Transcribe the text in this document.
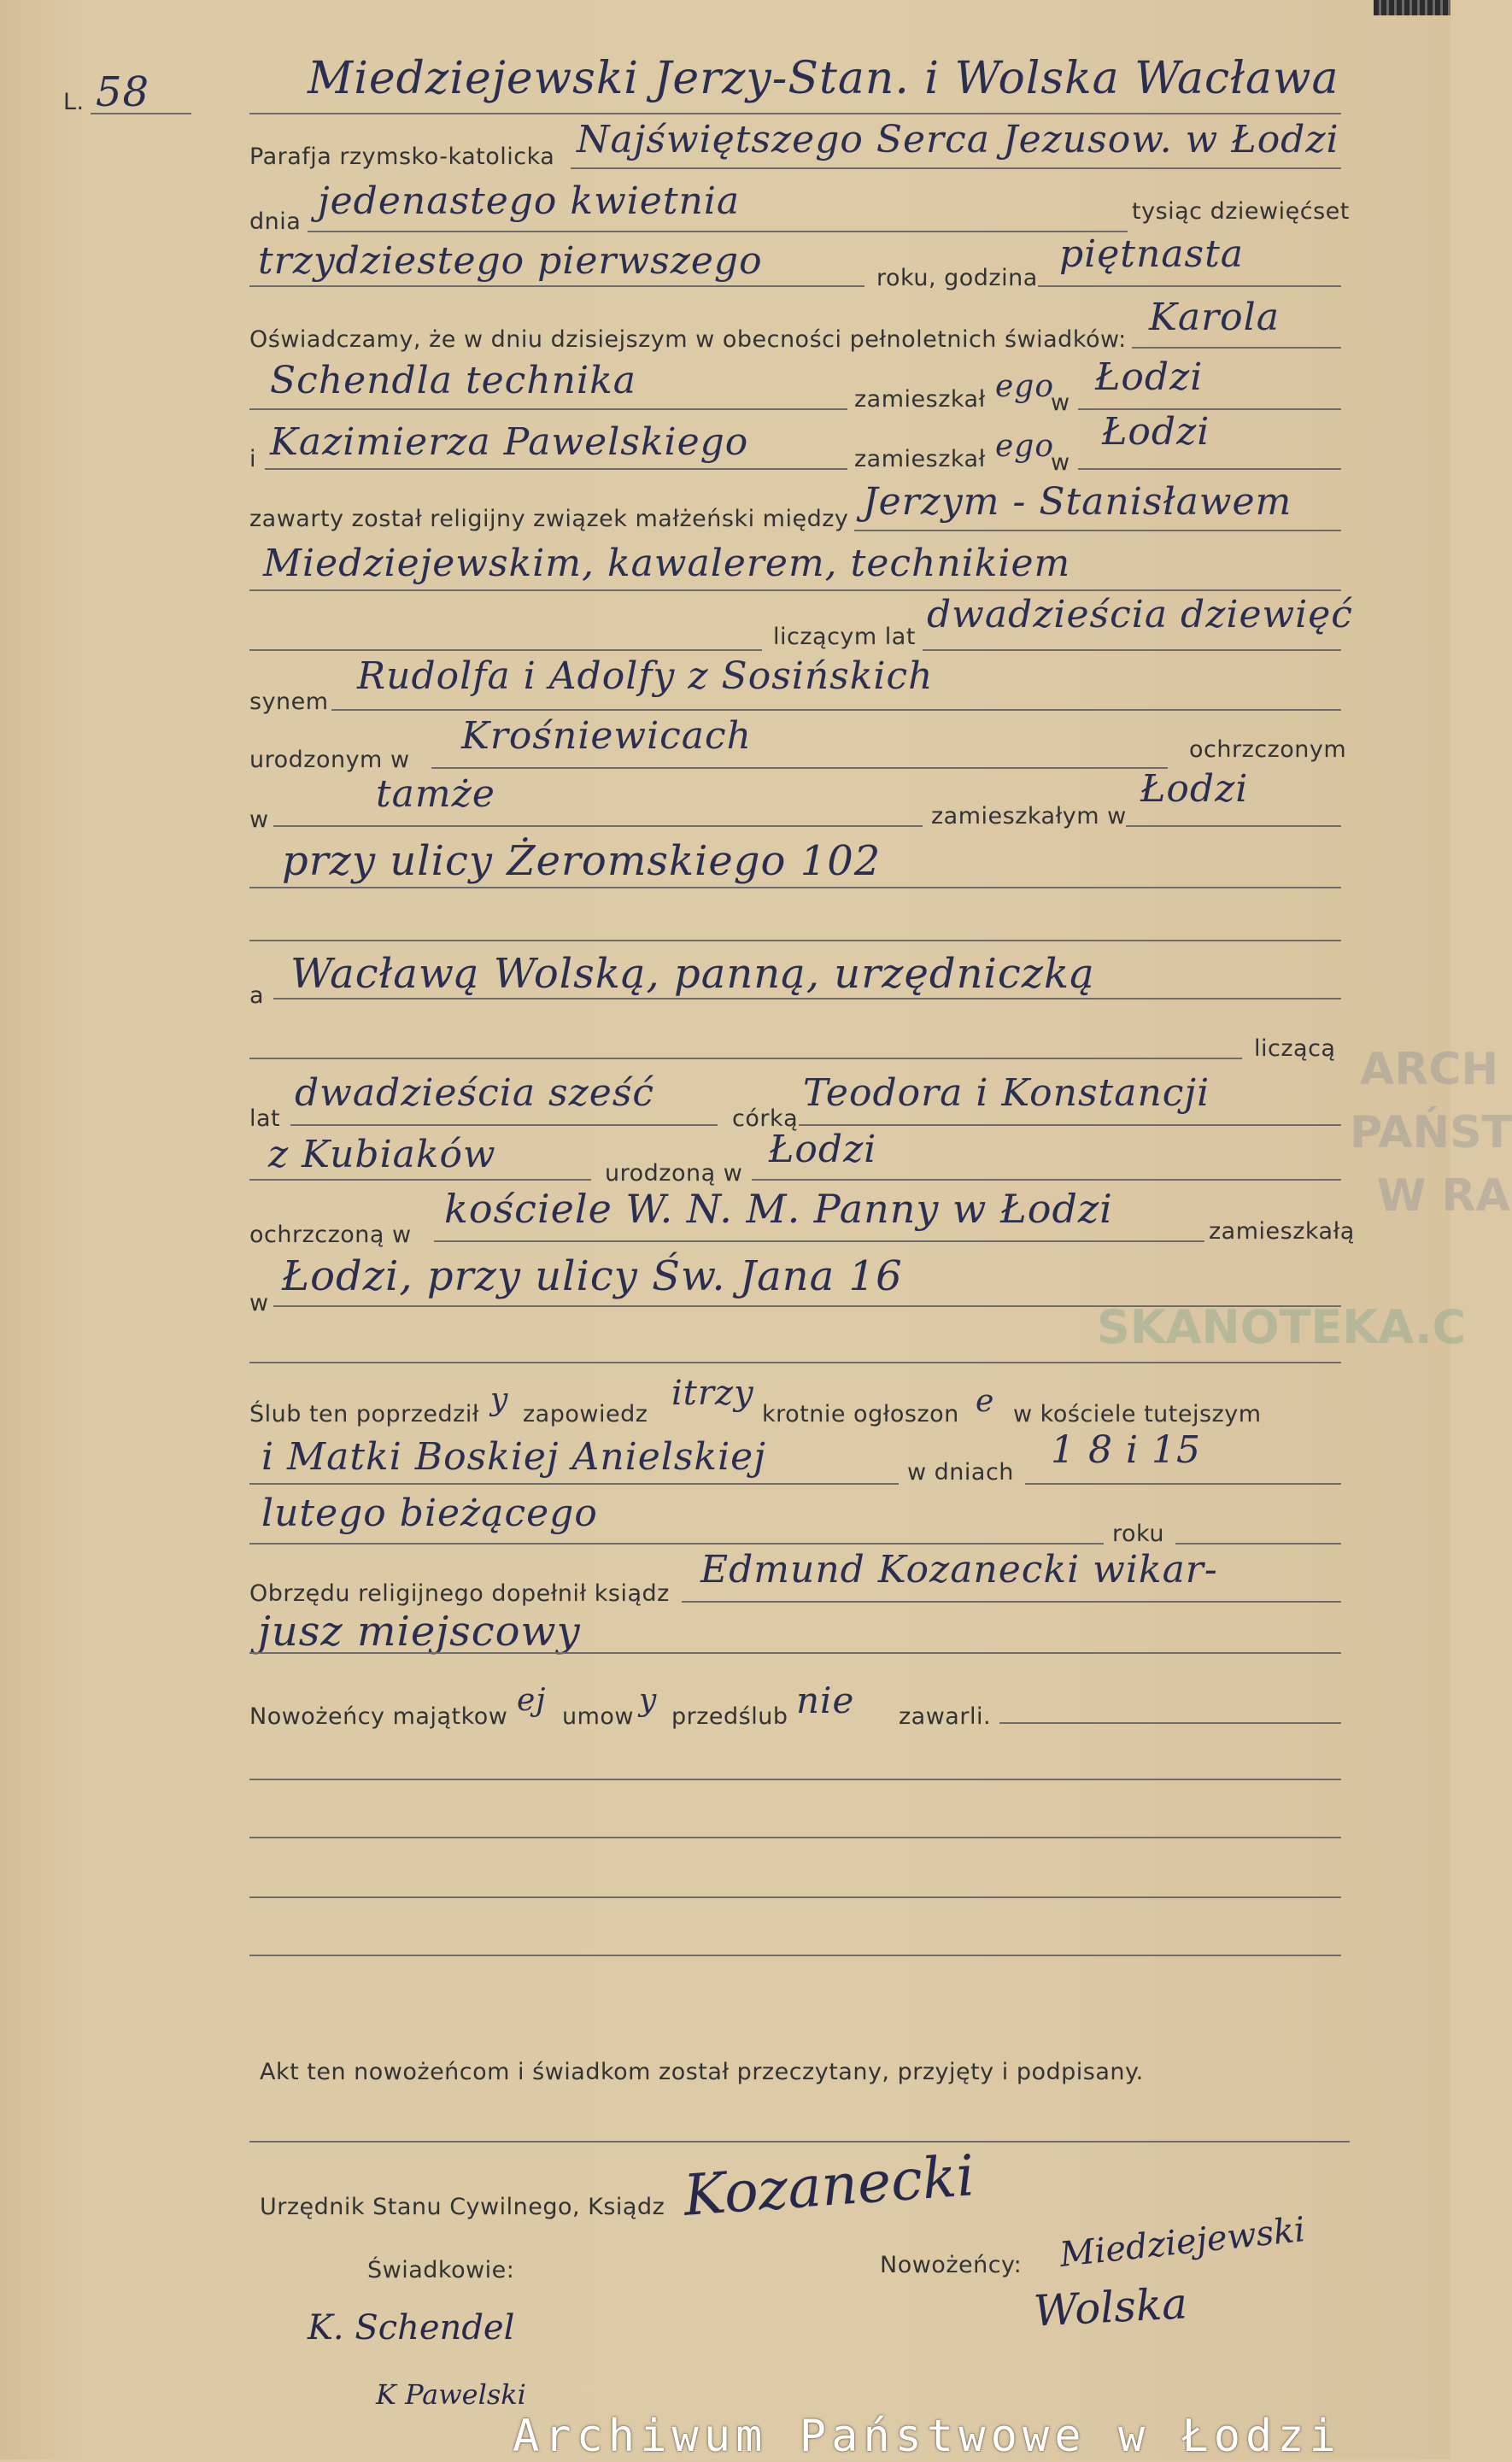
L. 58	Miedziejewski Jerzy-Stan. i Wolska Wacława
Parafja rzymsko-katolicka Najświętszego Serca Jezusow. w Łodzi
dnia jedenastego kwietnia	tysiąc dziewięćset
trzydziestego pierwszego	roku, godzina
piętnasta
Oświadczamy, że w dniu dzisiejszym w obecności pełnoletnich świadków:
Karola
Schendla technika	zamieszkał ego
w
Łodzi
i Kazimierza Pawelskiego	zamieszkał ego
w
Łodzi
zawarty został religijny związek małżeński między Jerzym - Stanisławem
Miedziejewskim, kawalerem, technikiem
liczącym lat
dwadzieścia dziewięć
synem
Rudolfa i Adolfy z Sosińskich
urodzonym w
Krośniewicach	ochrzczonym
w
tamże
zamieszkałym w
Łodzi
przy ulicy Żeromskiego 102
a Wacławą Wolską, panną, urzędniczką
liczącą
lat
dwadzieścia sześć
córką
Teodora i Konstancji
z Kubiaków	urodzoną w
Łodzi
ochrzczoną w
kościele W. N. M. Panny w Łodzi	zamieszkałą
w
Łodzi, przy ulicy Św. Jana 16
Ślub ten poprzedził y zapowiedz
itrzy
krotnie ogłoszon e w kościele tutejszym
i Matki Boskiej Anielskiej	w dniach
1 8 i 15
lutego bieżącego	roku
Obrzędu religijnego dopełnił ksiądz
Edmund Kozanecki wikar-
jusz miejscowy
Nowożeńcy majątkow ej umow y przedślub nie zawarli.
Akt ten nowożeńcom i świadkom został przeczytany, przyjęty i podpisany.
Urzędnik Stanu Cywilnego, Ksiądz Kozanecki
Świadkowie:	Nowożeńcy: Miedziejewski
Wolska
K. Schendel
K Pawelski
ARCH
PAŃST
W RA
SKANOTEKA.C
Archiwum Państwowe w Łodzi
